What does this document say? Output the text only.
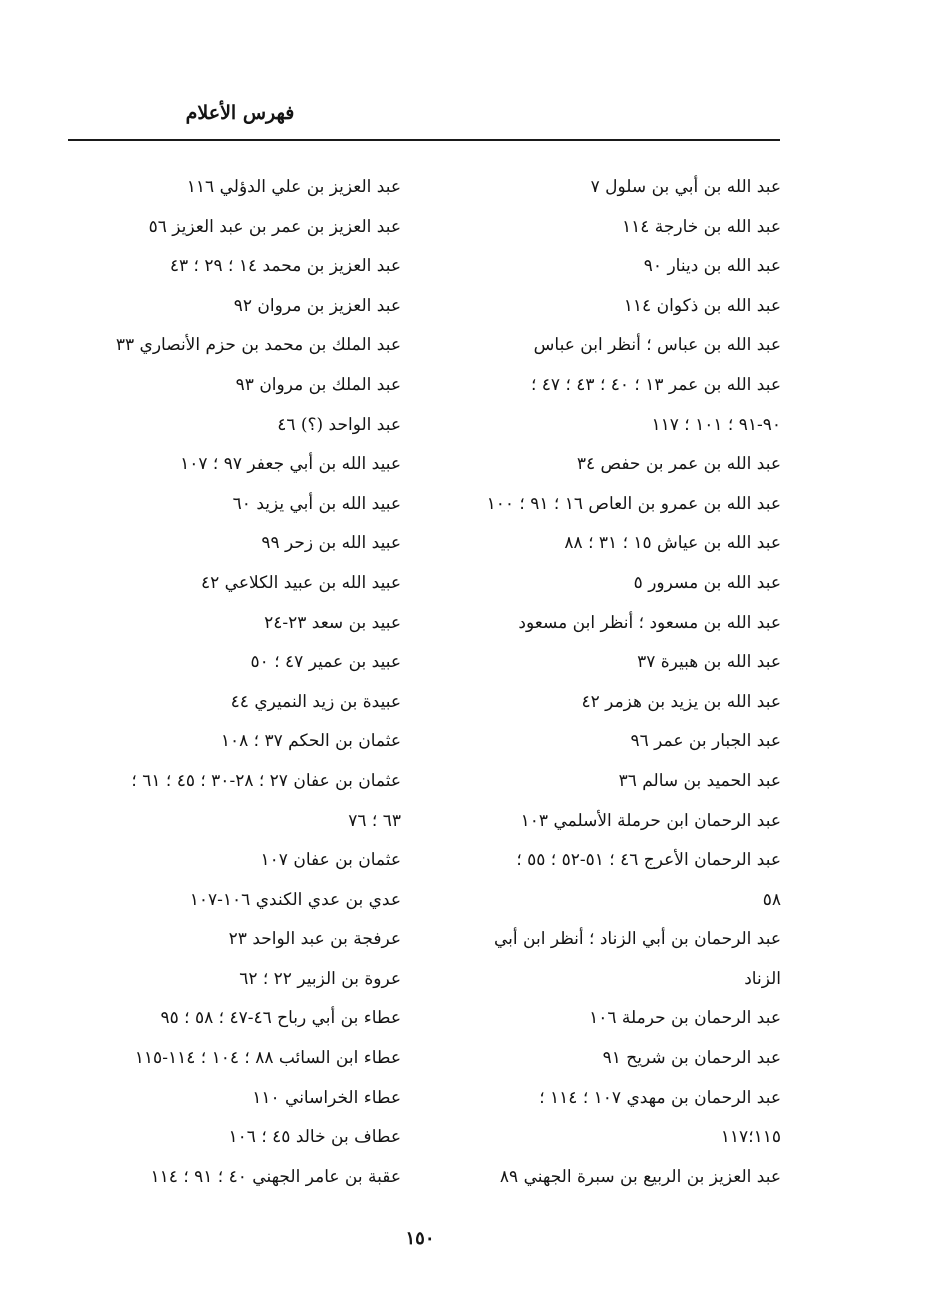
فهرس الأعلام
عبد الله بن أبي بن سلول ٧
عبد الله بن خارجة ١١٤
عبد الله بن دينار ٩٠
عبد الله بن ذكوان ١١٤
عبد الله بن عباس ؛ أنظر ابن عباس
عبد الله بن عمر ١٣ ؛ ٤٠ ؛ ٤٣ ؛ ٤٧ ؛
٩٠-٩١ ؛ ١٠١ ؛ ١١٧
عبد الله بن عمر بن حفص ٣٤
عبد الله بن عمرو بن العاص ١٦ ؛ ٩١ ؛ ١٠٠
عبد الله بن عياش ١٥ ؛ ٣١ ؛ ٨٨
عبد الله بن مسرور ٥
عبد الله بن مسعود ؛ أنظر ابن مسعود
عبد الله بن هبيرة ٣٧
عبد الله بن يزيد بن هزمر ٤٢
عبد الجبار بن عمر ٩٦
عبد الحميد بن سالم ٣٦
عبد الرحمان ابن حرملة الأسلمي ١٠٣
عبد الرحمان الأعرج ٤٦ ؛ ٥١-٥٢ ؛ ٥٥ ؛
٥٨
عبد الرحمان بن أبي الزناد ؛ أنظر ابن أبي
الزناد
عبد الرحمان بن حرملة ١٠٦
عبد الرحمان بن شريح ٩١
عبد الرحمان بن مهدي ١٠٧ ؛ ١١٤ ؛
١١٥؛١١٧
عبد العزيز بن الربيع بن سبرة الجهني ٨٩
عبد العزيز بن علي الدؤلي ١١٦
عبد العزيز بن عمر بن عبد العزيز ٥٦
عبد العزيز بن محمد ١٤ ؛ ٢٩ ؛ ٤٣
عبد العزيز بن مروان ٩٢
عبد الملك بن محمد بن حزم الأنصاري ٣٣
عبد الملك بن مروان ٩٣
عبد الواحد (؟) ٤٦
عبيد الله بن أبي جعفر ٩٧ ؛ ١٠٧
عبيد الله بن أبي يزيد ٦٠
عبيد الله بن زحر ٩٩
عبيد الله بن عبيد الكلاعي ٤٢
عبيد بن سعد ٢٣-٢٤
عبيد بن عمير ٤٧ ؛ ٥٠
عبيدة بن زيد النميري ٤٤
عثمان بن الحكم ٣٧ ؛ ١٠٨
عثمان بن عفان ٢٧ ؛ ٢٨-٣٠ ؛ ٤٥ ؛ ٦١ ؛
٦٣ ؛ ٧٦
عثمان بن عفان ١٠٧
عدي بن عدي الكندي ١٠٦-١٠٧
عرفجة بن عبد الواحد ٢٣
عروة بن الزبير ٢٢ ؛ ٦٢
عطاء بن أبي رباح ٤٦-٤٧ ؛ ٥٨ ؛ ٩٥
عطاء ابن السائب ٨٨ ؛ ١٠٤ ؛ ١١٤-١١٥
عطاء الخراساني ١١٠
عطاف بن خالد ٤٥ ؛ ١٠٦
عقبة بن عامر الجهني ٤٠ ؛ ٩١ ؛ ١١٤
١٥٠
